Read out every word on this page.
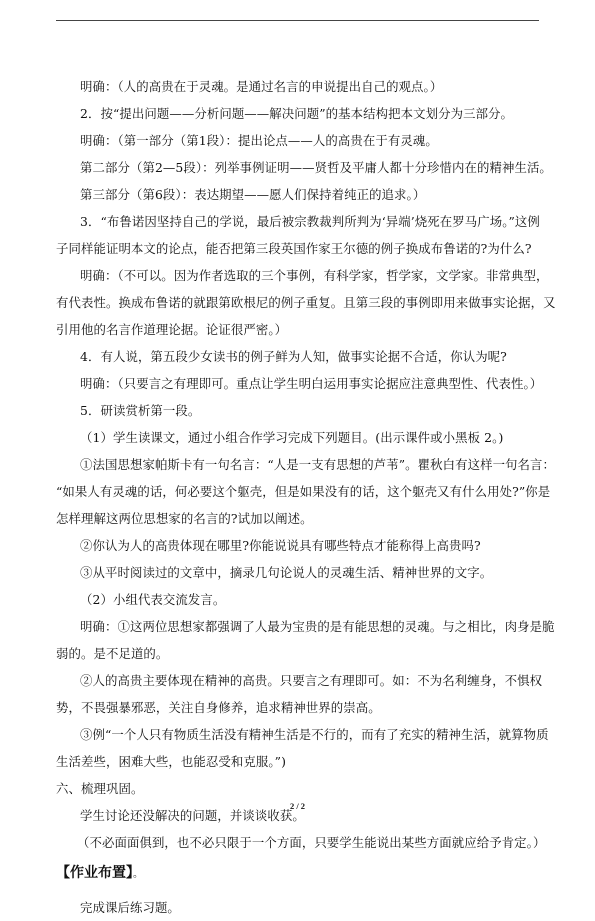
明确：（人的高贵在于灵魂。是通过名言的申说提出自己的观点。）

2．按“提出问题——分析问题——解决问题”的基本结构把本文划分为三部分。

明确：（第一部分（第1段）：提出论点——人的高贵在于有灵魂。

第二部分（第2—5段）：列举事例证明——贤哲及平庸人都十分珍惜内在的精神生活。

第三部分（第6段）：表达期望——愿人们保持着纯正的追求。）

3．“布鲁诺因坚持自己的学说，最后被宗教裁判所判为‘异端’烧死在罗马广场。”这例

子同样能证明本文的论点，能否把第三段英国作家王尔德的例子换成布鲁诺的?为什么?

明确：（不可以。因为作者选取的三个事例，有科学家，哲学家，文学家。非常典型，

有代表性。换成布鲁诺的就跟第欧根尼的例子重复。且第三段的事例即用来做事实论据，又

引用他的名言作道理论据。论证很严密。）

4．有人说，第五段少女读书的例子鲜为人知，做事实论据不合适，你认为呢?

明确：（只要言之有理即可。重点让学生明白运用事实论据应注意典型性、代表性。）

5．研读赏析第一段。

（1）学生读课文，通过小组合作学习完成下列题目。(出示课件或小黑板 2。)

①法国思想家帕斯卡有一句名言：“人是一支有思想的芦苇”。瞿秋白有这样一句名言：

“如果人有灵魂的话，何必要这个躯壳，但是如果没有的话，这个躯壳又有什么用处?”你是

怎样理解这两位思想家的名言的?试加以阐述。

②你认为人的高贵体现在哪里?你能说说具有哪些特点才能称得上高贵吗?

③从平时阅读过的文章中，摘录几句论说人的灵魂生活、精神世界的文字。

（2）小组代表交流发言。

明确：①这两位思想家都强调了人最为宝贵的是有能思想的灵魂。与之相比，肉身是脆

弱的。是不足道的。

②人的高贵主要体现在精神的高贵。只要言之有理即可。如：不为名利缠身，不惧权

势，不畏强暴邪恶，关注自身修养，追求精神世界的崇高。

③例“一个人只有物质生活没有精神生活是不行的，而有了充实的精神生活，就算物质

生活差些，困难大些，也能忍受和克服。”)

六、梳理巩固。

学生讨论还没解决的问题，并谈谈收获。

（不必面面俱到，也不必只限于一个方面，只要学生能说出某些方面就应给予肯定。）

【作业布置】。

完成课后练习题。

2 / 2
